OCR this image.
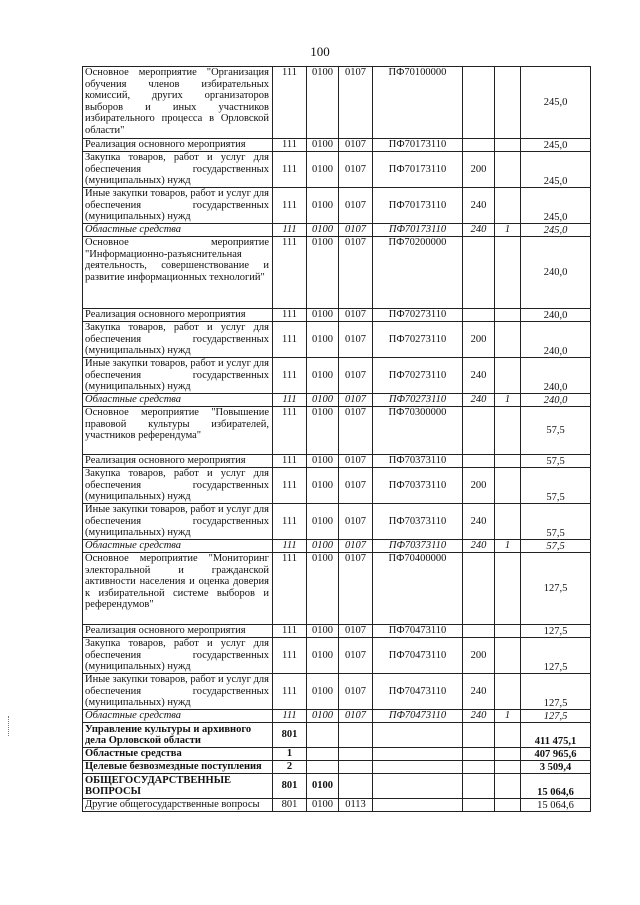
100
Основное мероприятие "Организация обучения членов избирательных комиссий, других организаторов выборов и иных участников избирательного процесса в Орловской области"	111	0100	0107	ПФ70100000			245,0
Реализация основного мероприятия	111	0100	0107	ПФ70173110			245,0
Закупка товаров, работ и услуг для обеспечения государственных (муниципальных) нужд	111	0100	0107	ПФ70173110	200		245,0
Иные закупки товаров, работ и услуг для обеспечения государственных (муниципальных) нужд	111	0100	0107	ПФ70173110	240		245,0
Областные средства	111	0100	0107	ПФ70173110	240	1	245,0
Основное мероприятие "Информационно-разъяснительная деятельность, совершенствование и развитие информационных технологий"	111	0100	0107	ПФ70200000			240,0
Реализация основного мероприятия	111	0100	0107	ПФ70273110			240,0
Закупка товаров, работ и услуг для обеспечения государственных (муниципальных) нужд	111	0100	0107	ПФ70273110	200		240,0
Иные закупки товаров, работ и услуг для обеспечения государственных (муниципальных) нужд	111	0100	0107	ПФ70273110	240		240,0
Областные средства	111	0100	0107	ПФ70273110	240	1	240,0
Основное мероприятие "Повышение правовой культуры избирателей, участников референдума"	111	0100	0107	ПФ70300000			57,5
Реализация основного мероприятия	111	0100	0107	ПФ70373110			57,5
Закупка товаров, работ и услуг для обеспечения государственных (муниципальных) нужд	111	0100	0107	ПФ70373110	200		57,5
Иные закупки товаров, работ и услуг для обеспечения государственных (муниципальных) нужд	111	0100	0107	ПФ70373110	240		57,5
Областные средства	111	0100	0107	ПФ70373110	240	1	57,5
Основное мероприятие "Мониторинг электоральной и гражданской активности населения и оценка доверия к избирательной системе выборов и референдумов"	111	0100	0107	ПФ70400000			127,5
Реализация основного мероприятия	111	0100	0107	ПФ70473110			127,5
Закупка товаров, работ и услуг для обеспечения государственных (муниципальных) нужд	111	0100	0107	ПФ70473110	200		127,5
Иные закупки товаров, работ и услуг для обеспечения государственных (муниципальных) нужд	111	0100	0107	ПФ70473110	240		127,5
Областные средства	111	0100	0107	ПФ70473110	240	1	127,5
Управление культуры и архивного дела Орловской области	801						411 475,1
Областные средства	1						407 965,6
Целевые безвозмездные поступления	2						3 509,4
ОБЩЕГОСУДАРСТВЕННЫЕ ВОПРОСЫ	801	0100					15 064,6
Другие общегосударственные вопросы	801	0100	0113				15 064,6
